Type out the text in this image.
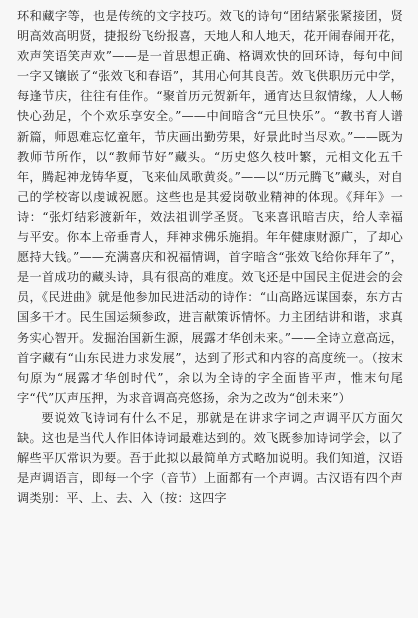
环和藏字等，也是传统的文字技巧。效飞的诗句“团结紧张紧接团，贤明高效高明贤，捷报纷飞纷报喜，天地人和人地天，花开闹春闹开花，欢声笑语笑声欢”——是一首思想正确、格调欢快的回环诗，每句中间一字又镶嵌了“张效飞和春语”，其用心何其良苦。效飞供职历元中学，每逢节庆，往往有佳作。“聚首历元贺新年，通宵达旦叙情缘，人人畅快心劲足，个个欢乐享安全。”——中间暗含“元旦快乐”。“教书育人谱新篇，师恩难忘忆童年，节庆画出勤劳果，好景此时当尽欢。”——既为教师节所作，以“教师节好”藏头。“历史悠久枝叶繁，元相文化五千年，腾起神龙铸华夏，飞来仙凤歌黄炎。”——以“历元腾飞”藏头，对自己的学校寄以虔诚祝愿。这些也是其爱岗敬业精神的体现。《拜年》一诗：“张灯结彩渡新年，效法祖训学圣贤。飞来喜讯暗吉庆，给人幸福与平安。你本上帝垂青人，拜神求佛乐施捐。年年健康财源广，了却心愿持大钱。”——充满喜庆和祝福情调，首字暗含“张效飞给你拜年了”，是一首成功的藏头诗，具有很高的难度。效飞还是中国民主促进会的会员，《民进曲》就是他参加民进活动的诗作：“山高路远谋国泰，东方古国多干才。民生国运频参政，进言献策诉情怀。力主团结讲和谐，求真务实心智开。发掘治国新生源，展露才华创未来。”——全诗立意高远，首字藏有“山东民进力求发展”，达到了形式和内容的高度统一。（按末句原为“展露才华创时代”，余以为全诗的字全面皆平声，惟末句尾字“代”仄声压押，为求音调高亮悠扬，余为之改为“创未来”）

要说效飞诗词有什么不足，那就是在讲求字词之声调平仄方面欠缺。这也是当代人作旧体诗词最难达到的。效飞既参加诗词学会，以了解些平仄常识为要。吾于此拟以最简单方式略加说明。我们知道，汉语是声调语言，即每一个字（音节）上面都有一个声调。古汉语有四个声调类别：平、上、去、入（按：这四字
